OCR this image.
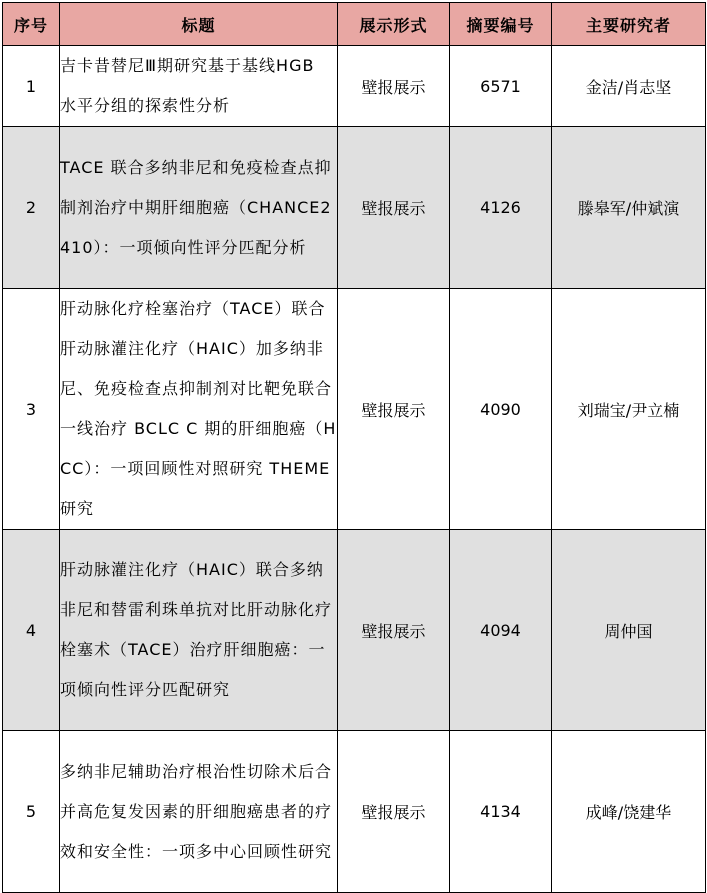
序号	标题	展示形式	摘要编号	主要研究者
1	吉卡昔替尼Ⅲ期研究基于基线HGB 水平分组的探索性分析	壁报展示	6571	金洁/肖志坚
2	TACE 联合多纳非尼和免疫检查点抑制剂治疗中期肝细胞癌（CHANCE2410）：一项倾向性评分匹配分析	壁报展示	4126	滕皋军/仲斌演
3	肝动脉化疗栓塞治疗（TACE）联合肝动脉灌注化疗（HAIC）加多纳非尼、免疫检查点抑制剂对比靶免联合一线治疗 BCLC C 期的肝细胞癌（HCC）：一项回顾性对照研究 THEME 研究	壁报展示	4090	刘瑞宝/尹立楠
4	肝动脉灌注化疗（HAIC）联合多纳非尼和替雷利珠单抗对比肝动脉化疗栓塞术（TACE）治疗肝细胞癌：一项倾向性评分匹配研究	壁报展示	4094	周仲国
5	多纳非尼辅助治疗根治性切除术后合并高危复发因素的肝细胞癌患者的疗效和安全性：一项多中心回顾性研究	壁报展示	4134	成峰/饶建华
